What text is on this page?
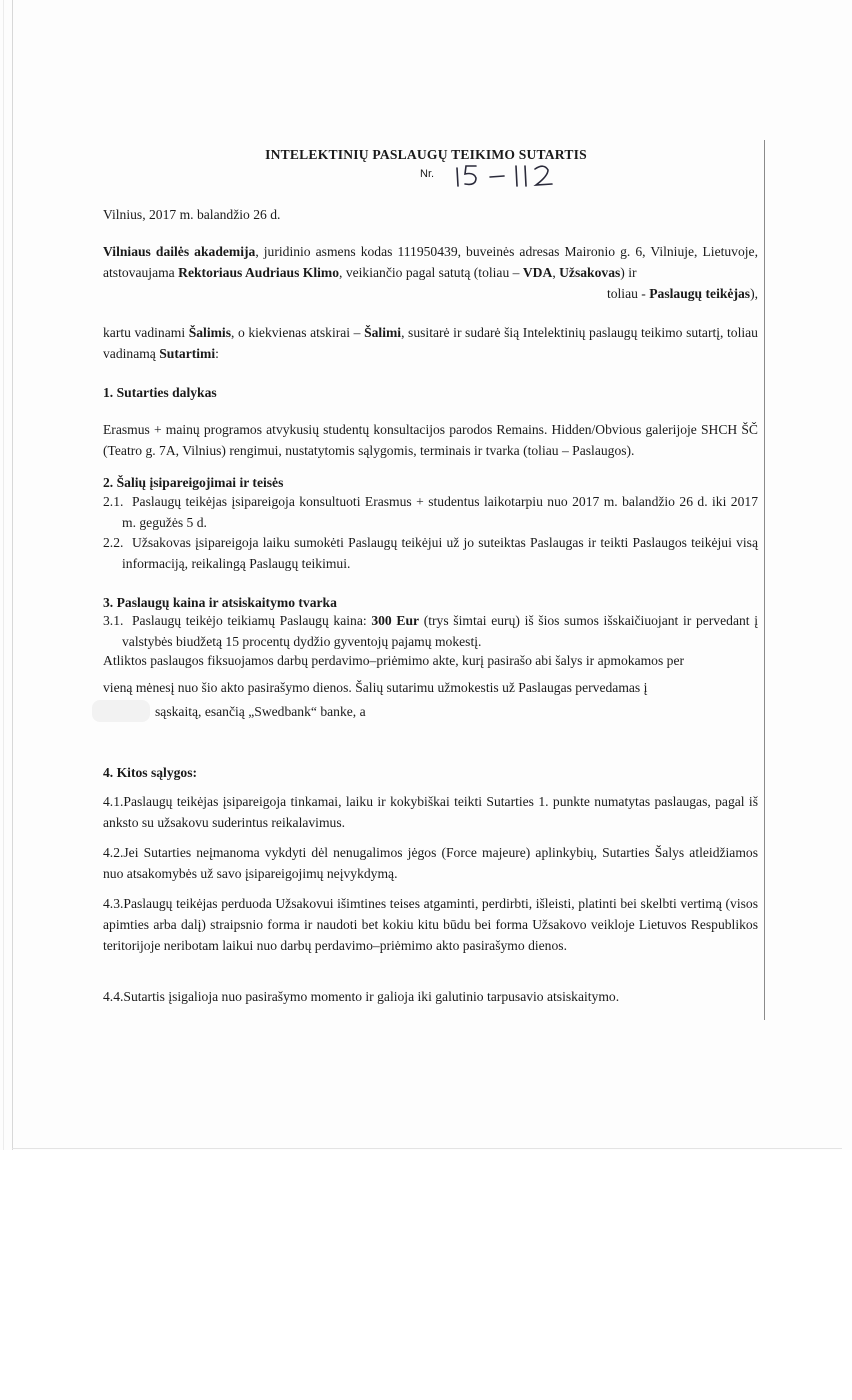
INTELEKTINIŲ PASLAUGŲ TEIKIMO SUTARTIS
Nr.
Vilnius, 2017 m. balandžio 26 d.
Vilniaus dailės akademija, juridinio asmens kodas 111950439, buveinės adresas Maironio g. 6, Vilniuje, Lietuvoje, atstovaujama Rektoriaus Audriaus Klimo, veikiančio pagal satutą (toliau – VDA, Užsakovas) ir
toliau - Paslaugų teikėjas),
kartu vadinami Šalimis, o kiekvienas atskirai – Šalimi, susitarė ir sudarė šią Intelektinių paslaugų teikimo sutartį, toliau vadinamą Sutartimi:
1. Sutarties dalykas
Erasmus + mainų programos atvykusių studentų konsultacijos parodos Remains. Hidden/Obvious galerijoje SHCH ŠČ (Teatro g. 7A, Vilnius) rengimui, nustatytomis sąlygomis, terminais ir tvarka (toliau – Paslaugos).
2. Šalių įsipareigojimai ir teisės
2.1. Paslaugų teikėjas įsipareigoja konsultuoti Erasmus + studentus laikotarpiu nuo 2017 m. balandžio 26 d. iki 2017 m. gegužės 5 d.
2.2. Užsakovas įsipareigoja laiku sumokėti Paslaugų teikėjui už jo suteiktas Paslaugas ir teikti Paslaugos teikėjui visą informaciją, reikalingą Paslaugų teikimui.
3. Paslaugų kaina ir atsiskaitymo tvarka
3.1. Paslaugų teikėjo teikiamų Paslaugų kaina: 300 Eur (trys šimtai eurų) iš šios sumos išskaičiuojant ir pervedant į valstybės biudžetą 15 procentų dydžio gyventojų pajamų mokestį.
Atliktos paslaugos fiksuojamos darbų perdavimo–priėmimo akte, kurį pasirašo abi šalys ir apmokamos per
vieną mėnesį nuo šio akto pasirašymo dienos. Šalių sutarimu užmokestis už Paslaugas pervedamas į
sąskaitą, esančią „Swedbank“ banke, a
4. Kitos sąlygos:
4.1.Paslaugų teikėjas įsipareigoja tinkamai, laiku ir kokybiškai teikti Sutarties 1. punkte numatytas paslaugas, pagal iš anksto su užsakovu suderintus reikalavimus.
4.2.Jei Sutarties neįmanoma vykdyti dėl nenugalimos jėgos (Force majeure) aplinkybių, Sutarties Šalys atleidžiamos nuo atsakomybės už savo įsipareigojimų neįvykdymą.
4.3.Paslaugų teikėjas perduoda Užsakovui išimtines teises atgaminti, perdirbti, išleisti, platinti bei skelbti vertimą (visos apimties arba dalį) straipsnio forma ir naudoti bet kokiu kitu būdu bei forma Užsakovo veikloje Lietuvos Respublikos teritorijoje neribotam laikui nuo darbų perdavimo–priėmimo akto pasirašymo dienos.
4.4.Sutartis įsigalioja nuo pasirašymo momento ir galioja iki galutinio tarpusavio atsiskaitymo.
